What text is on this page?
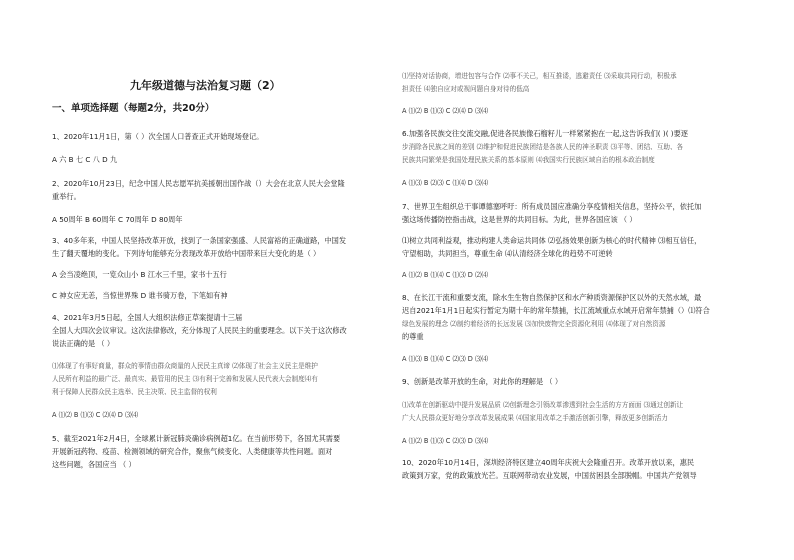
九年级道德与法治复习题（2）
一、单项选择题（每题2分，共20分）
1、2020年11月1日，第（ ）次全国人口普查正式开始现场登记。
A 六 B 七 C 八 D 九
2、2020年10月23日，纪念中国人民志愿军抗美援朝出国作战（）大会在北京人民大会堂隆
重举行。
A 50周年 B 60周年 C 70周年 D 80周年
3、40多年来，中国人民坚持改革开放，找到了一条国家强盛、人民富裕的正确道路，中国发
生了翻天覆地的变化。下列诗句能够充分表现改革开放给中国带来巨大变化的是（ ）
A 会当凌绝顶，一览众山小 B 江水三千里，家书十五行
C 神女应无恙，当惊世界殊 D 谁书骑万卷，下笔如有神
4、2021年3月5日起，全国人大组织法修正草案提请十三届
全国人大四次会议审议。这次法律修改，充分体现了人民民主的重要理念。以下关于这次修改
说法正确的是 （ ）
⑴体现了有事好商量，群众的事情由群众商量的人民民主真谛 ⑵体现了社会主义民主是维护
人民所有利益的最广泛、最真实、最管用的民主 ⑶有利于完善和发展人民代表大会制度⑷有
利于保障人民群众民主选举、民主决策、民主监督的权利
A ⑴⑵ B ⑴⑶ C ⑵⑷ D ⑶⑷
5、截至2021年2月4日，全球累计新冠肺炎确诊病例超1亿。在当前形势下，各国尤其需要
开展新冠药物、疫苗、检测领域的研究合作，聚焦气候变化、人类健康等共性问题。面对
这些问题，各国应当 （ ）
⑴坚持对话协商，增进包容与合作 ⑵事不关己，相互推诿，逃避责任 ⑶采取共同行动，积极承
担责任 ⑷独自应对或视问题自身对待的低高
A ⑴⑵ B ⑴⑶ C ⑵⑷ D ⑶⑷
6.加强各民族交往交流交融,促进各民族像石榴籽儿一样紧紧抱在一起,这告诉我们( )( )要逐
步消除各民族之间的差别 ⑵维护和促进民族团结是各族人民的神圣职责 ⑶平等、团结、互助、各
民族共同繁荣是我国处理民族关系的基本原则 ⑷我国实行民族区域自治的根本政治制度
A ⑴⑶ B ⑵⑶ C ⑴⑷ D ⑶⑷
7、世界卫生组织总干事谭德塞呼吁：所有成员国应准确分享疫情相关信息，坚持公平，依托加
强这场传播防控指击战，这是世界的共同目标。为此，世界各国应该 （ ）
⑴树立共同利益观，推动构建人类命运共同体 ⑵弘扬效果创新为核心的时代精神 ⑶相互信任，
守望相助，共同担当，尊重生命 ⑷认清经济全球化的趋势不可逆转
A ⑴⑵ B ⑴⑷ C ⑴⑶ D ⑵⑷
8、在长江干流和重要支流，除水生生物自然保护区和水产种质资源保护区以外的天然水域，最
迟自2021年1月1日起实行暂定为期十年的常年禁捕，长江流域重点水域开启常年禁捕（）⑴符合
绿色发展的理念 ⑵制约着经济的长远发展 ⑶加快废物完全资源化利用 ⑷体现了对自然资源
的尊重
A ⑴⑶ B ⑴⑷ C ⑵⑶ D ⑶⑷
9、创新是改革开放的生命，对此你的理解是 （ ）
⑴改革在创新驱动中提升发展品质 ⑵创新理念引领改革渗透到社会生活的方方面面 ⑶通过创新让
广大人民群众更好地分享改革发展成果 ⑷国家用改革之手激活创新引擎，释放更多创新活力
A ⑴⑵ B ⑴⑶ C ⑵⑶ D ⑶⑷
10、2020年10月14日，深圳经济特区建立40周年庆祝大会隆重召开。改革开放以来，惠民
政策到万家，党的政策放光芒。互联网带动农业发展，中国贫困县全部脱帽。中国共产党领导
